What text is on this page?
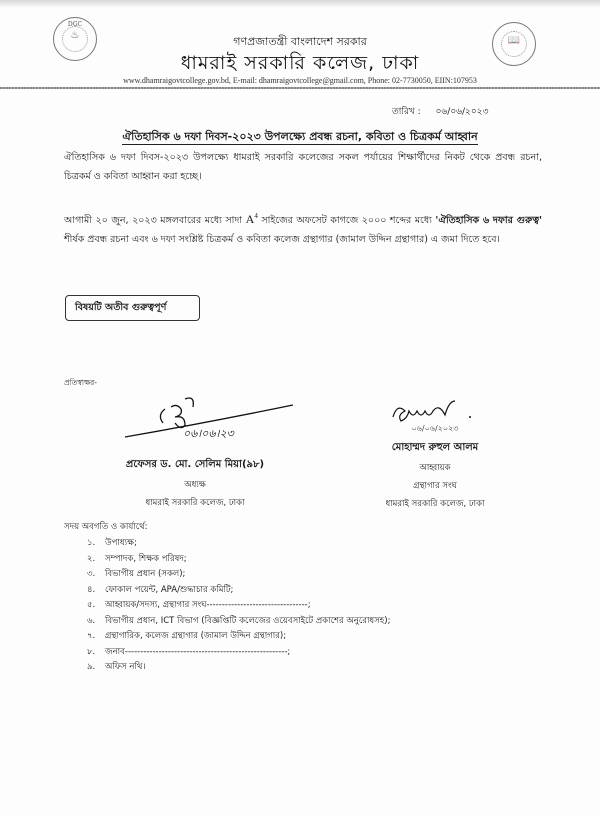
DGC
♨	📖
গণপ্রজাতন্ত্রী বাংলাদেশ সরকার
ধামরাই সরকারি কলেজ, ঢাকা
www.dhamraigovtcollege.gov.bd, E-mail: dhamraigovtcollege@gmail.com, Phone: 02-7730050, EIIN:107953
তারিখ : ০৬/০৬/২০২৩
ঐতিহাসিক ৬ দফা দিবস-২০২৩ উপলক্ষ্যে প্রবন্ধ রচনা, কবিতা ও চিত্রকর্ম আহ্বান

ঐতিহাসিক ৬ দফা দিবস-২০২৩ উপলক্ষ্যে ধামরাই সরকারি কলেজের সকল পর্যায়ের শিক্ষার্থীদের নিকট থেকে প্রবন্ধ রচনা, চিত্রকর্ম ও কবিতা আহ্বান করা হচ্ছে।

আগামী ২০ জুন, ২০২৩ মঙ্গলবারের মধ্যে সাদা $A^4$ সাইজের অফসেট কাগজে ২০০০ শব্দের মধ্যে 'ঐতিহাসিক ৬ দফার গুরুত্ব' শীর্ষক প্রবন্ধ রচনা এবং ৬ দফা সংশ্লিষ্ট চিত্রকর্ম ও কবিতা কলেজ গ্রন্থাগার (জামাল উদ্দিন গ্রন্থাগার) এ জমা দিতে হবে।

বিষয়টি অতীব গুরুত্বপূর্ণ
প্রতিস্বাক্ষর-
০৬।০৬।২৩
প্রফেসর ড. মো. সেলিম মিয়া(৯৮)
অধ্যক্ষ
ধামরাই সরকারি কলেজ, ঢাকা
০৬/০৬/২০২৩
মোহাম্মদ রুহুল আলম
আহ্বায়ক
গ্রন্থাগার সংঘ
ধামরাই সরকারি কলেজ, ঢাকা
সদয় অবগতি ও কার্যার্থে:
১. উপাধ্যক্ষ;
২. সম্পাদক, শিক্ষক পরিষদ;
৩. বিভাগীয় প্রধান (সকল);
৪. ফোকাল পয়েন্ট, APA/শুদ্ধাচার কমিটি;
৫. আহ্বায়ক/সদস্য, গ্রন্থাগার সংঘ---------------------------------;
৬. বিভাগীয় প্রধান, ICT বিভাগ (বিজ্ঞপ্তিটি কলেজের ওয়েবসাইটে প্রকাশের অনুরোধসহ);
৭. গ্রন্থাগারিক, কলেজ গ্রন্থাগার (জামাল উদ্দিন গ্রন্থাগার);
৮. জনাব-----------------------------------------------------;
৯. অফিস নথি।
